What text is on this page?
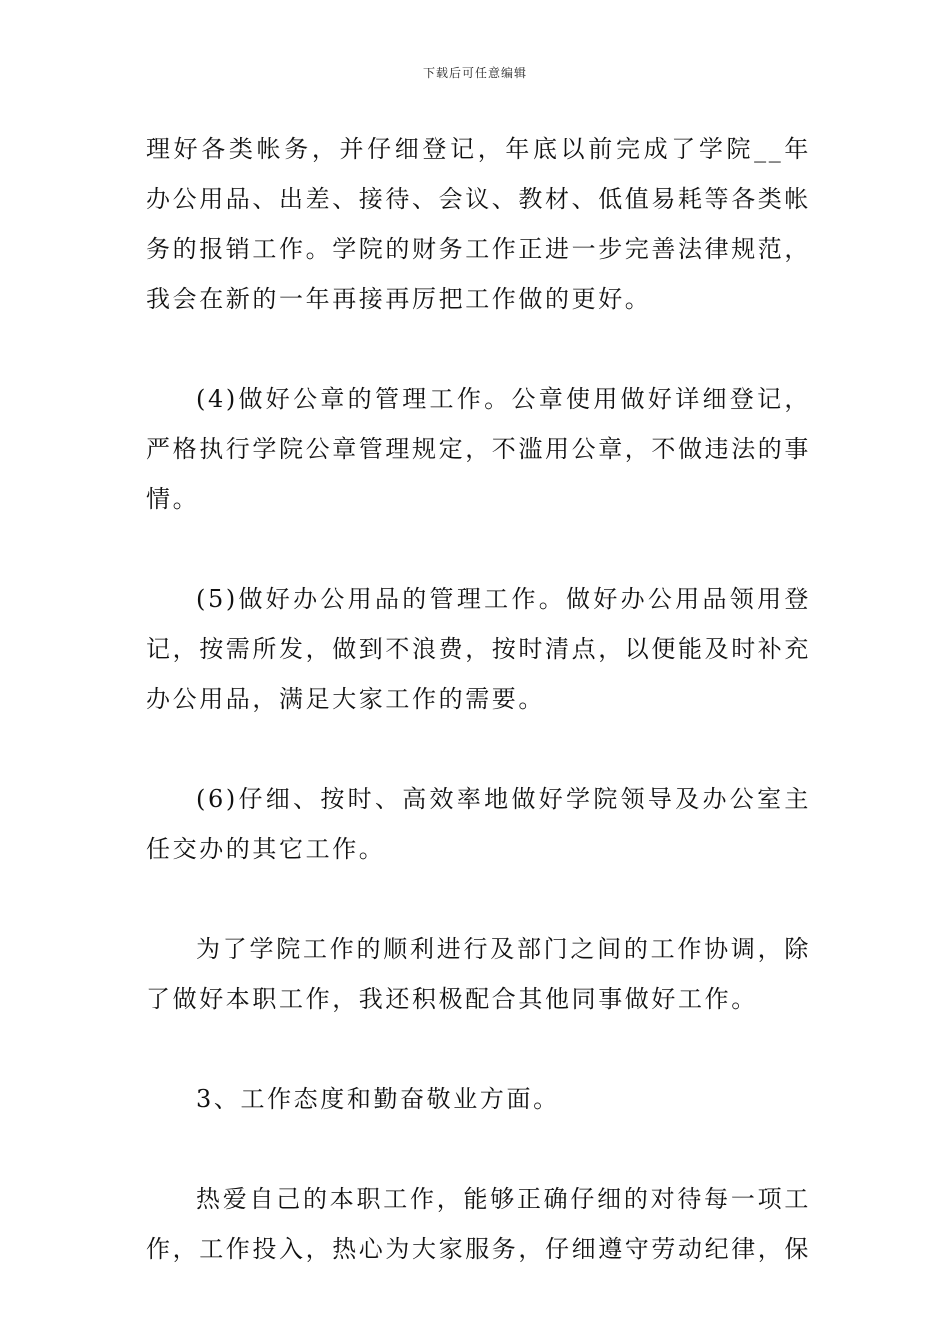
下载后可任意编辑

理好各类帐务，并仔细登记，年底以前完成了学院__年办公用品、出差、接待、会议、教材、低值易耗等各类帐务的报销工作。学院的财务工作正进一步完善法律规范，我会在新的一年再接再厉把工作做的更好。

(4)做好公章的管理工作。公章使用做好详细登记，严格执行学院公章管理规定，不滥用公章，不做违法的事情。

(5)做好办公用品的管理工作。做好办公用品领用登记，按需所发，做到不浪费，按时清点，以便能及时补充办公用品，满足大家工作的需要。

(6)仔细、按时、高效率地做好学院领导及办公室主任交办的其它工作。

为了学院工作的顺利进行及部门之间的工作协调，除了做好本职工作，我还积极配合其他同事做好工作。

3、工作态度和勤奋敬业方面。

热爱自己的本职工作，能够正确仔细的对待每一项工作，工作投入，热心为大家服务，仔细遵守劳动纪律，保
